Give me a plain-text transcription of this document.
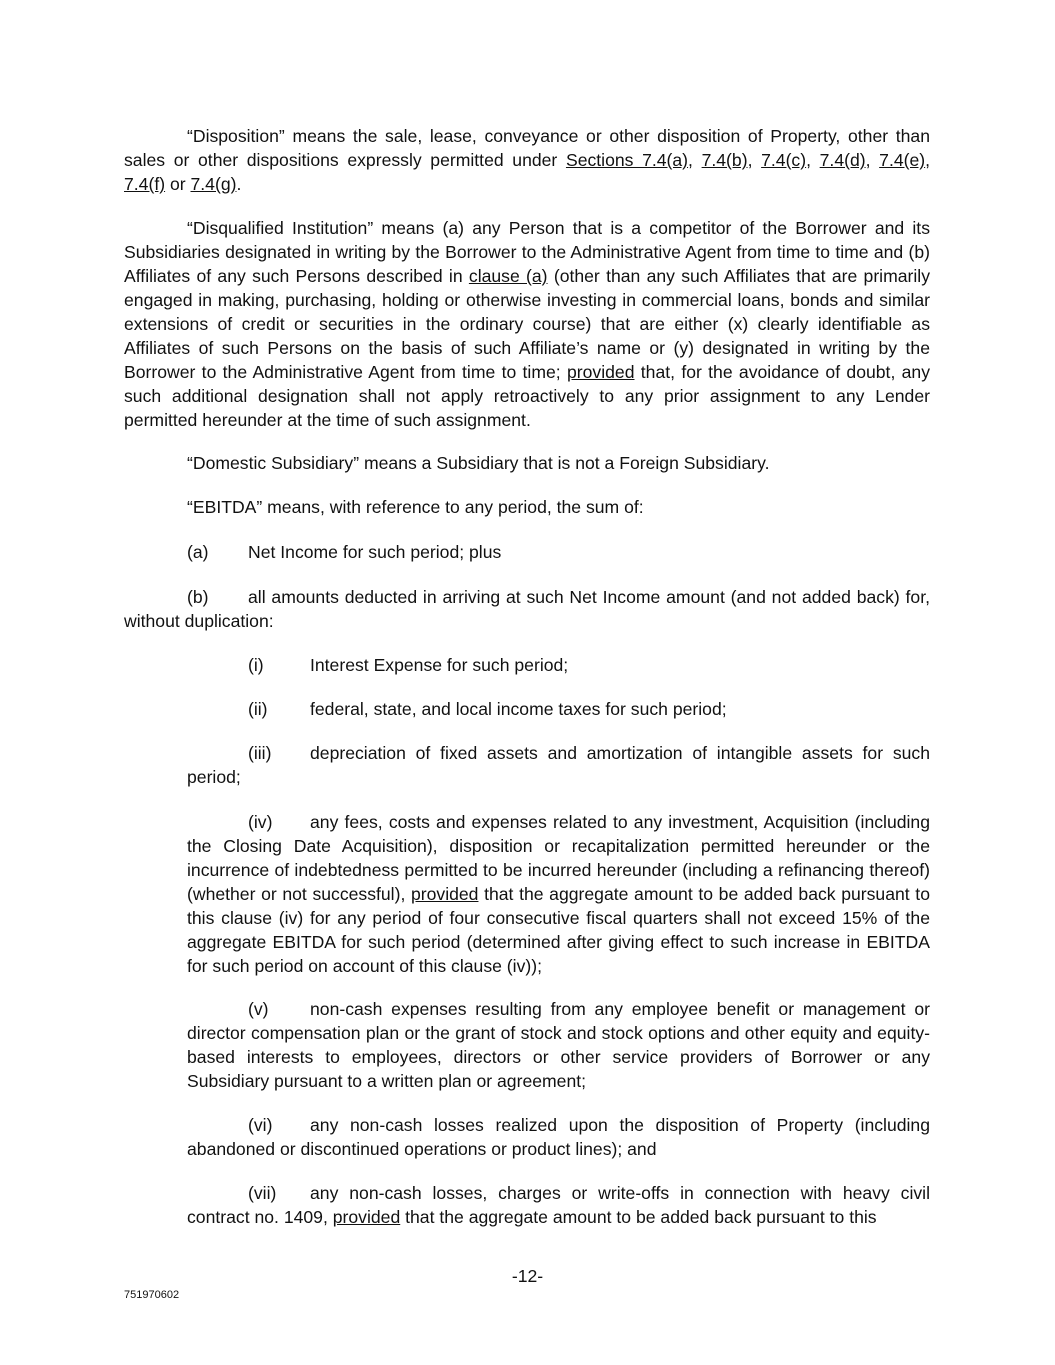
“Disposition” means the sale, lease, conveyance or other disposition of Property, other than sales or other dispositions expressly permitted under Sections 7.4(a), 7.4(b), 7.4(c), 7.4(d), 7.4(e), 7.4(f) or 7.4(g).

“Disqualified Institution” means (a) any Person that is a competitor of the Borrower and its Subsidiaries designated in writing by the Borrower to the Administrative Agent from time to time and (b) Affiliates of any such Persons described in clause (a) (other than any such Affiliates that are primarily engaged in making, purchasing, holding or otherwise investing in commercial loans, bonds and similar extensions of credit or securities in the ordinary course) that are either (x) clearly identifiable as Affiliates of such Persons on the basis of such Affiliate’s name or (y) designated in writing by the Borrower to the Administrative Agent from time to time; provided that, for the avoidance of doubt, any such additional designation shall not apply retroactively to any prior assignment to any Lender permitted hereunder at the time of such assignment.

“Domestic Subsidiary” means a Subsidiary that is not a Foreign Subsidiary.

“EBITDA” means, with reference to any period, the sum of:

(a) Net Income for such period; plus

(b) all amounts deducted in arriving at such Net Income amount (and not added back) for, without duplication:

(i)	Interest Expense for such period;

(ii) federal, state, and local income taxes for such period;

(iii) depreciation of fixed assets and amortization of intangible assets for such period;

(iv) any fees, costs and expenses related to any investment, Acquisition (including the Closing Date Acquisition), disposition or recapitalization permitted hereunder or the incurrence of indebtedness permitted to be incurred hereunder (including a refinancing thereof) (whether or not successful), provided that the aggregate amount to be added back pursuant to this clause (iv) for any period of four consecutive fiscal quarters shall not exceed 15% of the aggregate EBITDA for such period (determined after giving effect to such increase in EBITDA for such period on account of this clause (iv));

(v) non-cash expenses resulting from any employee benefit or management or director compensation plan or the grant of stock and stock options and other equity and equity-based interests to employees, directors or other service providers of Borrower or any Subsidiary pursuant to a written plan or agreement;

(vi) any non-cash losses realized upon the disposition of Property (including abandoned or discontinued operations or product lines); and

(vii) any non-cash losses, charges or write-offs in connection with heavy civil contract no. 1409, provided that the aggregate amount to be added back pursuant to this

-12-
751970602
